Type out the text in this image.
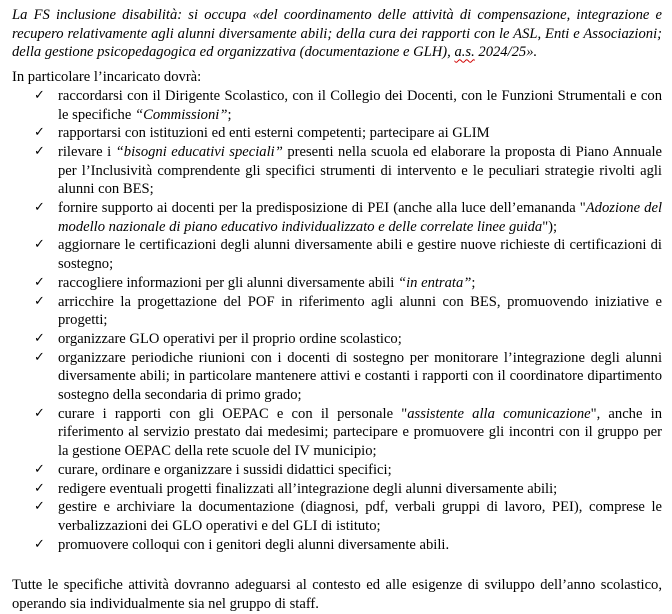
La FS inclusione disabilità: si occupa «del coordinamento delle attività di compensazione, integrazione e recupero relativamente agli alunni diversamente abili; della cura dei rapporti con le ASL, Enti e Associazioni; della gestione psicopedagogica ed organizzativa (documentazione e GLH), a.s. 2024/25».

In particolare l’incaricato dovrà:

✓ raccordarsi con il Dirigente Scolastico, con il Collegio dei Docenti, con le Funzioni Strumentali e con le specifiche “Commissioni”;
✓ rapportarsi con istituzioni ed enti esterni competenti; partecipare ai GLIM
✓ rilevare i “bisogni educativi speciali” presenti nella scuola ed elaborare la proposta di Piano Annuale per l’Inclusività comprendente gli specifici strumenti di intervento e le peculiari strategie rivolti agli alunni con BES;
✓ fornire supporto ai docenti per la predisposizione di PEI (anche alla luce dell’emananda "Adozione del modello nazionale di piano educativo individualizzato e delle correlate linee guida");
✓ aggiornare le certificazioni degli alunni diversamente abili e gestire nuove richieste di certificazioni di sostegno;
✓ raccogliere informazioni per gli alunni diversamente abili “in entrata”;
✓ arricchire la progettazione del POF in riferimento agli alunni con BES, promuovendo iniziative e progetti;
✓ organizzare GLO operativi per il proprio ordine scolastico;
✓ organizzare periodiche riunioni con i docenti di sostegno per monitorare l’integrazione degli alunni diversamente abili; in particolare mantenere attivi e costanti i rapporti con il coordinatore dipartimento sostegno della secondaria di primo grado;
✓ curare i rapporti con gli OEPAC e con il personale "assistente alla comunicazione", anche in riferimento al servizio prestato dai medesimi; partecipare e promuovere gli incontri con il gruppo per la gestione OEPAC della rete scuole del IV municipio;
✓ curare, ordinare e organizzare i sussidi didattici specifici;
✓ redigere eventuali progetti finalizzati all’integrazione degli alunni diversamente abili;
✓ gestire e archiviare la documentazione (diagnosi, pdf, verbali gruppi di lavoro, PEI), comprese le verbalizzazioni dei GLO operativi e del GLI di istituto;
✓ promuovere colloqui con i genitori degli alunni diversamente abili.

Tutte le specifiche attività dovranno adeguarsi al contesto ed alle esigenze di sviluppo dell’anno scolastico, operando sia individualmente sia nel gruppo di staff.
